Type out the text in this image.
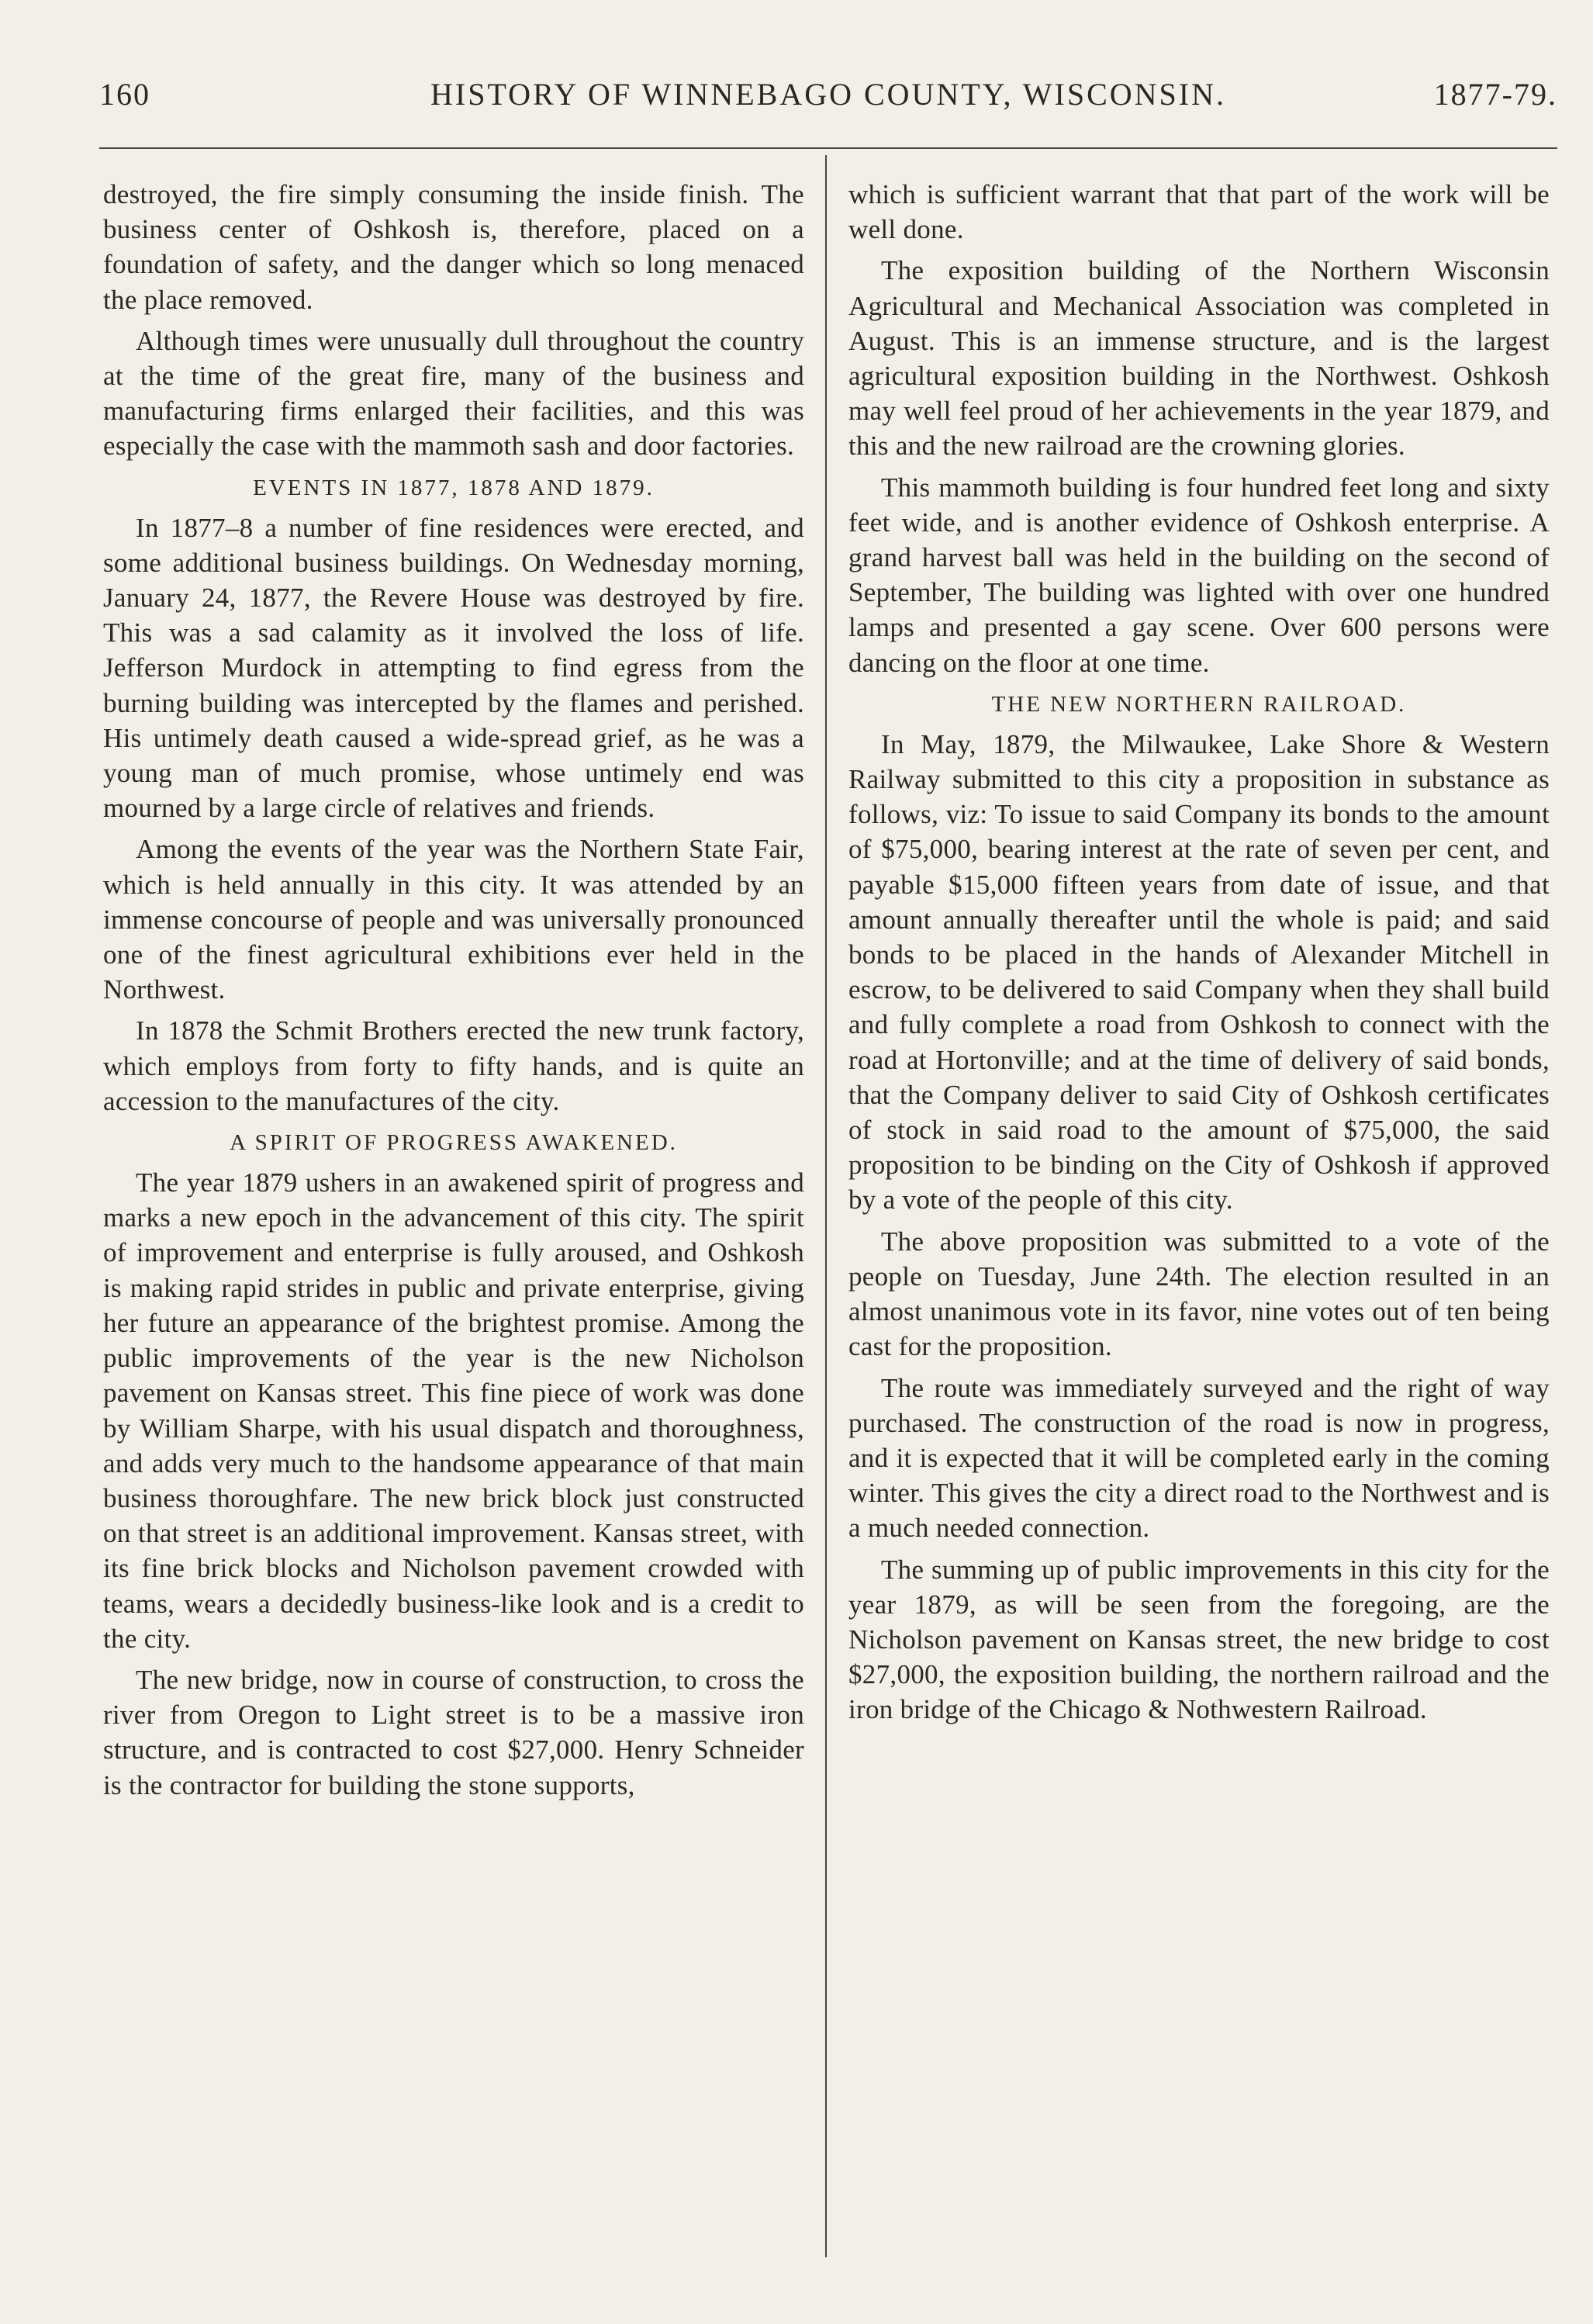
160	HISTORY OF WINNEBAGO COUNTY, WISCONSIN.	1877-79.

destroyed, the fire simply consuming the inside finish. The business center of Oshkosh is, therefore, placed on a foundation of safety, and the danger which so long menaced the place removed.

Although times were unusually dull throughout the country at the time of the great fire, many of the business and manufacturing firms enlarged their facilities, and this was especially the case with the mammoth sash and door factories.

EVENTS IN 1877, 1878 AND 1879.

In 1877–8 a number of fine residences were erected, and some additional business buildings. On Wednesday morning, January 24, 1877, the Revere House was destroyed by fire. This was a sad calamity as it involved the loss of life. Jefferson Murdock in attempting to find egress from the burning building was intercepted by the flames and perished. His untimely death caused a wide-spread grief, as he was a young man of much promise, whose untimely end was mourned by a large circle of relatives and friends.

Among the events of the year was the Northern State Fair, which is held annually in this city. It was attended by an immense concourse of people and was universally pronounced one of the finest agricultural exhibitions ever held in the Northwest.

In 1878 the Schmit Brothers erected the new trunk factory, which employs from forty to fifty hands, and is quite an accession to the manufactures of the city.

A SPIRIT OF PROGRESS AWAKENED.

The year 1879 ushers in an awakened spirit of progress and marks a new epoch in the advancement of this city. The spirit of improvement and enterprise is fully aroused, and Oshkosh is making rapid strides in public and private enterprise, giving her future an appearance of the brightest promise. Among the public improvements of the year is the new Nicholson pavement on Kansas street. This fine piece of work was done by William Sharpe, with his usual dispatch and thoroughness, and adds very much to the handsome appearance of that main business thoroughfare. The new brick block just constructed on that street is an additional improvement. Kansas street, with its fine brick blocks and Nicholson pavement crowded with teams, wears a decidedly business-like look and is a credit to the city.

The new bridge, now in course of construction, to cross the river from Oregon to Light street is to be a massive iron structure, and is contracted to cost $27,000. Henry Schneider is the contractor for building the stone supports,

which is sufficient warrant that that part of the work will be well done.

The exposition building of the Northern Wisconsin Agricultural and Mechanical Association was completed in August. This is an immense structure, and is the largest agricultural exposition building in the Northwest. Oshkosh may well feel proud of her achievements in the year 1879, and this and the new railroad are the crowning glories.

This mammoth building is four hundred feet long and sixty feet wide, and is another evidence of Oshkosh enterprise. A grand harvest ball was held in the building on the second of September, The building was lighted with over one hundred lamps and presented a gay scene. Over 600 persons were dancing on the floor at one time.

THE NEW NORTHERN RAILROAD.

In May, 1879, the Milwaukee, Lake Shore & Western Railway submitted to this city a proposition in substance as follows, viz: To issue to said Company its bonds to the amount of $75,000, bearing interest at the rate of seven per cent, and payable $15,000 fifteen years from date of issue, and that amount annually thereafter until the whole is paid; and said bonds to be placed in the hands of Alexander Mitchell in escrow, to be delivered to said Company when they shall build and fully complete a road from Oshkosh to connect with the road at Hortonville; and at the time of delivery of said bonds, that the Company deliver to said City of Oshkosh certificates of stock in said road to the amount of $75,000, the said proposition to be binding on the City of Oshkosh if approved by a vote of the people of this city.

The above proposition was submitted to a vote of the people on Tuesday, June 24th. The election resulted in an almost unanimous vote in its favor, nine votes out of ten being cast for the proposition.

The route was immediately surveyed and the right of way purchased. The construction of the road is now in progress, and it is expected that it will be completed early in the coming winter. This gives the city a direct road to the Northwest and is a much needed connection.

The summing up of public improvements in this city for the year 1879, as will be seen from the foregoing, are the Nicholson pavement on Kansas street, the new bridge to cost $27,000, the exposition building, the northern railroad and the iron bridge of the Chicago & Nothwestern Railroad.
